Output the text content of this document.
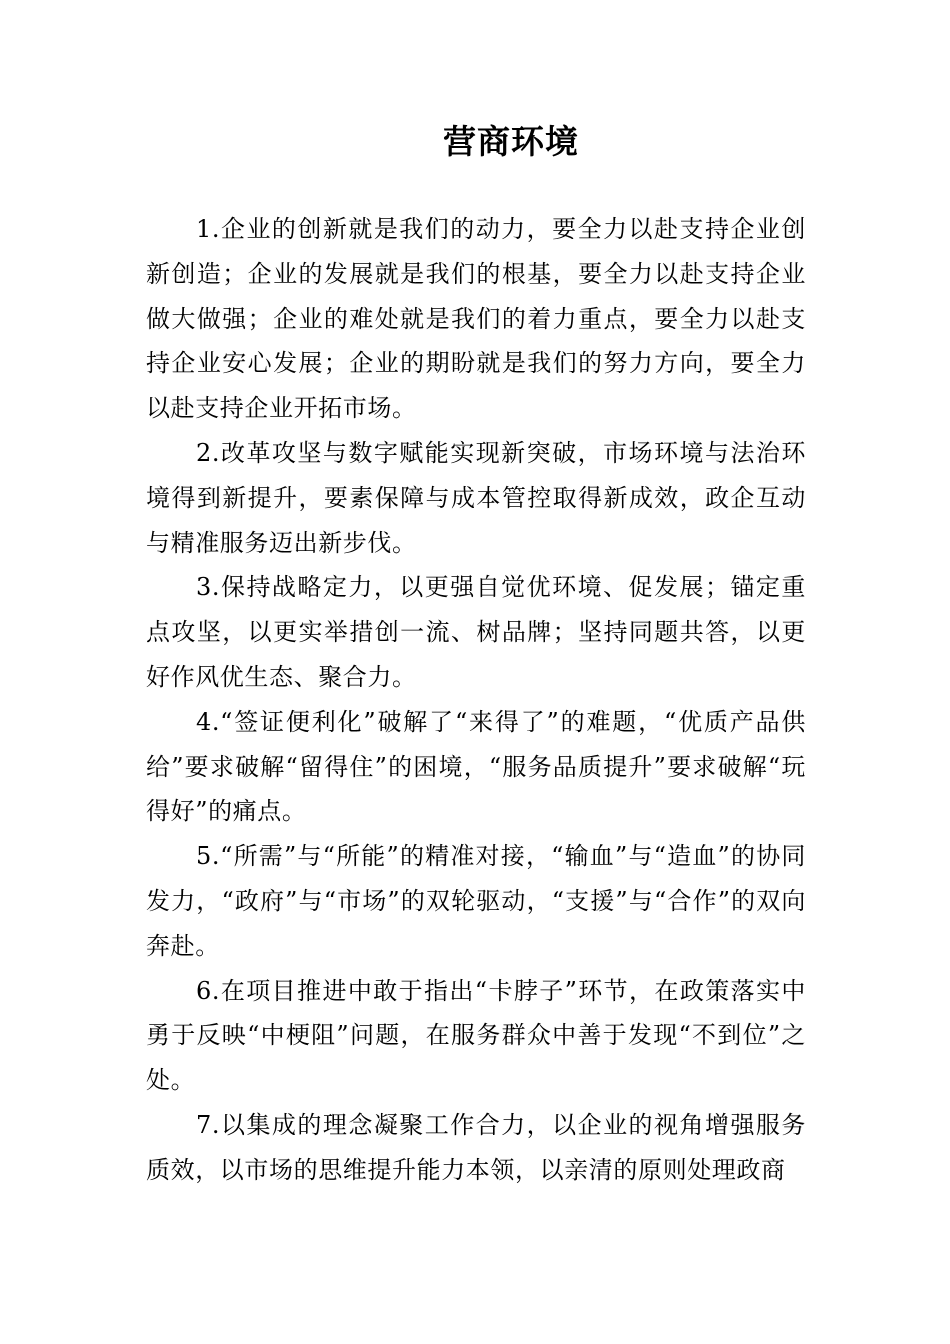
营商环境

1.企业的创新就是我们的动力，要全力以赴支持企业创新创造；企业的发展就是我们的根基，要全力以赴支持企业做大做强；企业的难处就是我们的着力重点，要全力以赴支持企业安心发展；企业的期盼就是我们的努力方向，要全力以赴支持企业开拓市场。

2.改革攻坚与数字赋能实现新突破，市场环境与法治环境得到新提升，要素保障与成本管控取得新成效，政企互动与精准服务迈出新步伐。

3.保持战略定力，以更强自觉优环境、促发展；锚定重点攻坚，以更实举措创一流、树品牌；坚持同题共答，以更好作风优生态、聚合力。

4.“签证便利化”破解了“来得了”的难题，“优质产品供给”要求破解“留得住”的困境，“服务品质提升”要求破解“玩得好”的痛点。

5.“所需”与“所能”的精准对接，“输血”与“造血”的协同发力，“政府”与“市场”的双轮驱动，“支援”与“合作”的双向奔赴。

6.在项目推进中敢于指出“卡脖子”环节，在政策落实中勇于反映“中梗阻”问题，在服务群众中善于发现“不到位”之处。

7.以集成的理念凝聚工作合力，以企业的视角增强服务质效，以市场的思维提升能力本领，以亲清的原则处理政商
